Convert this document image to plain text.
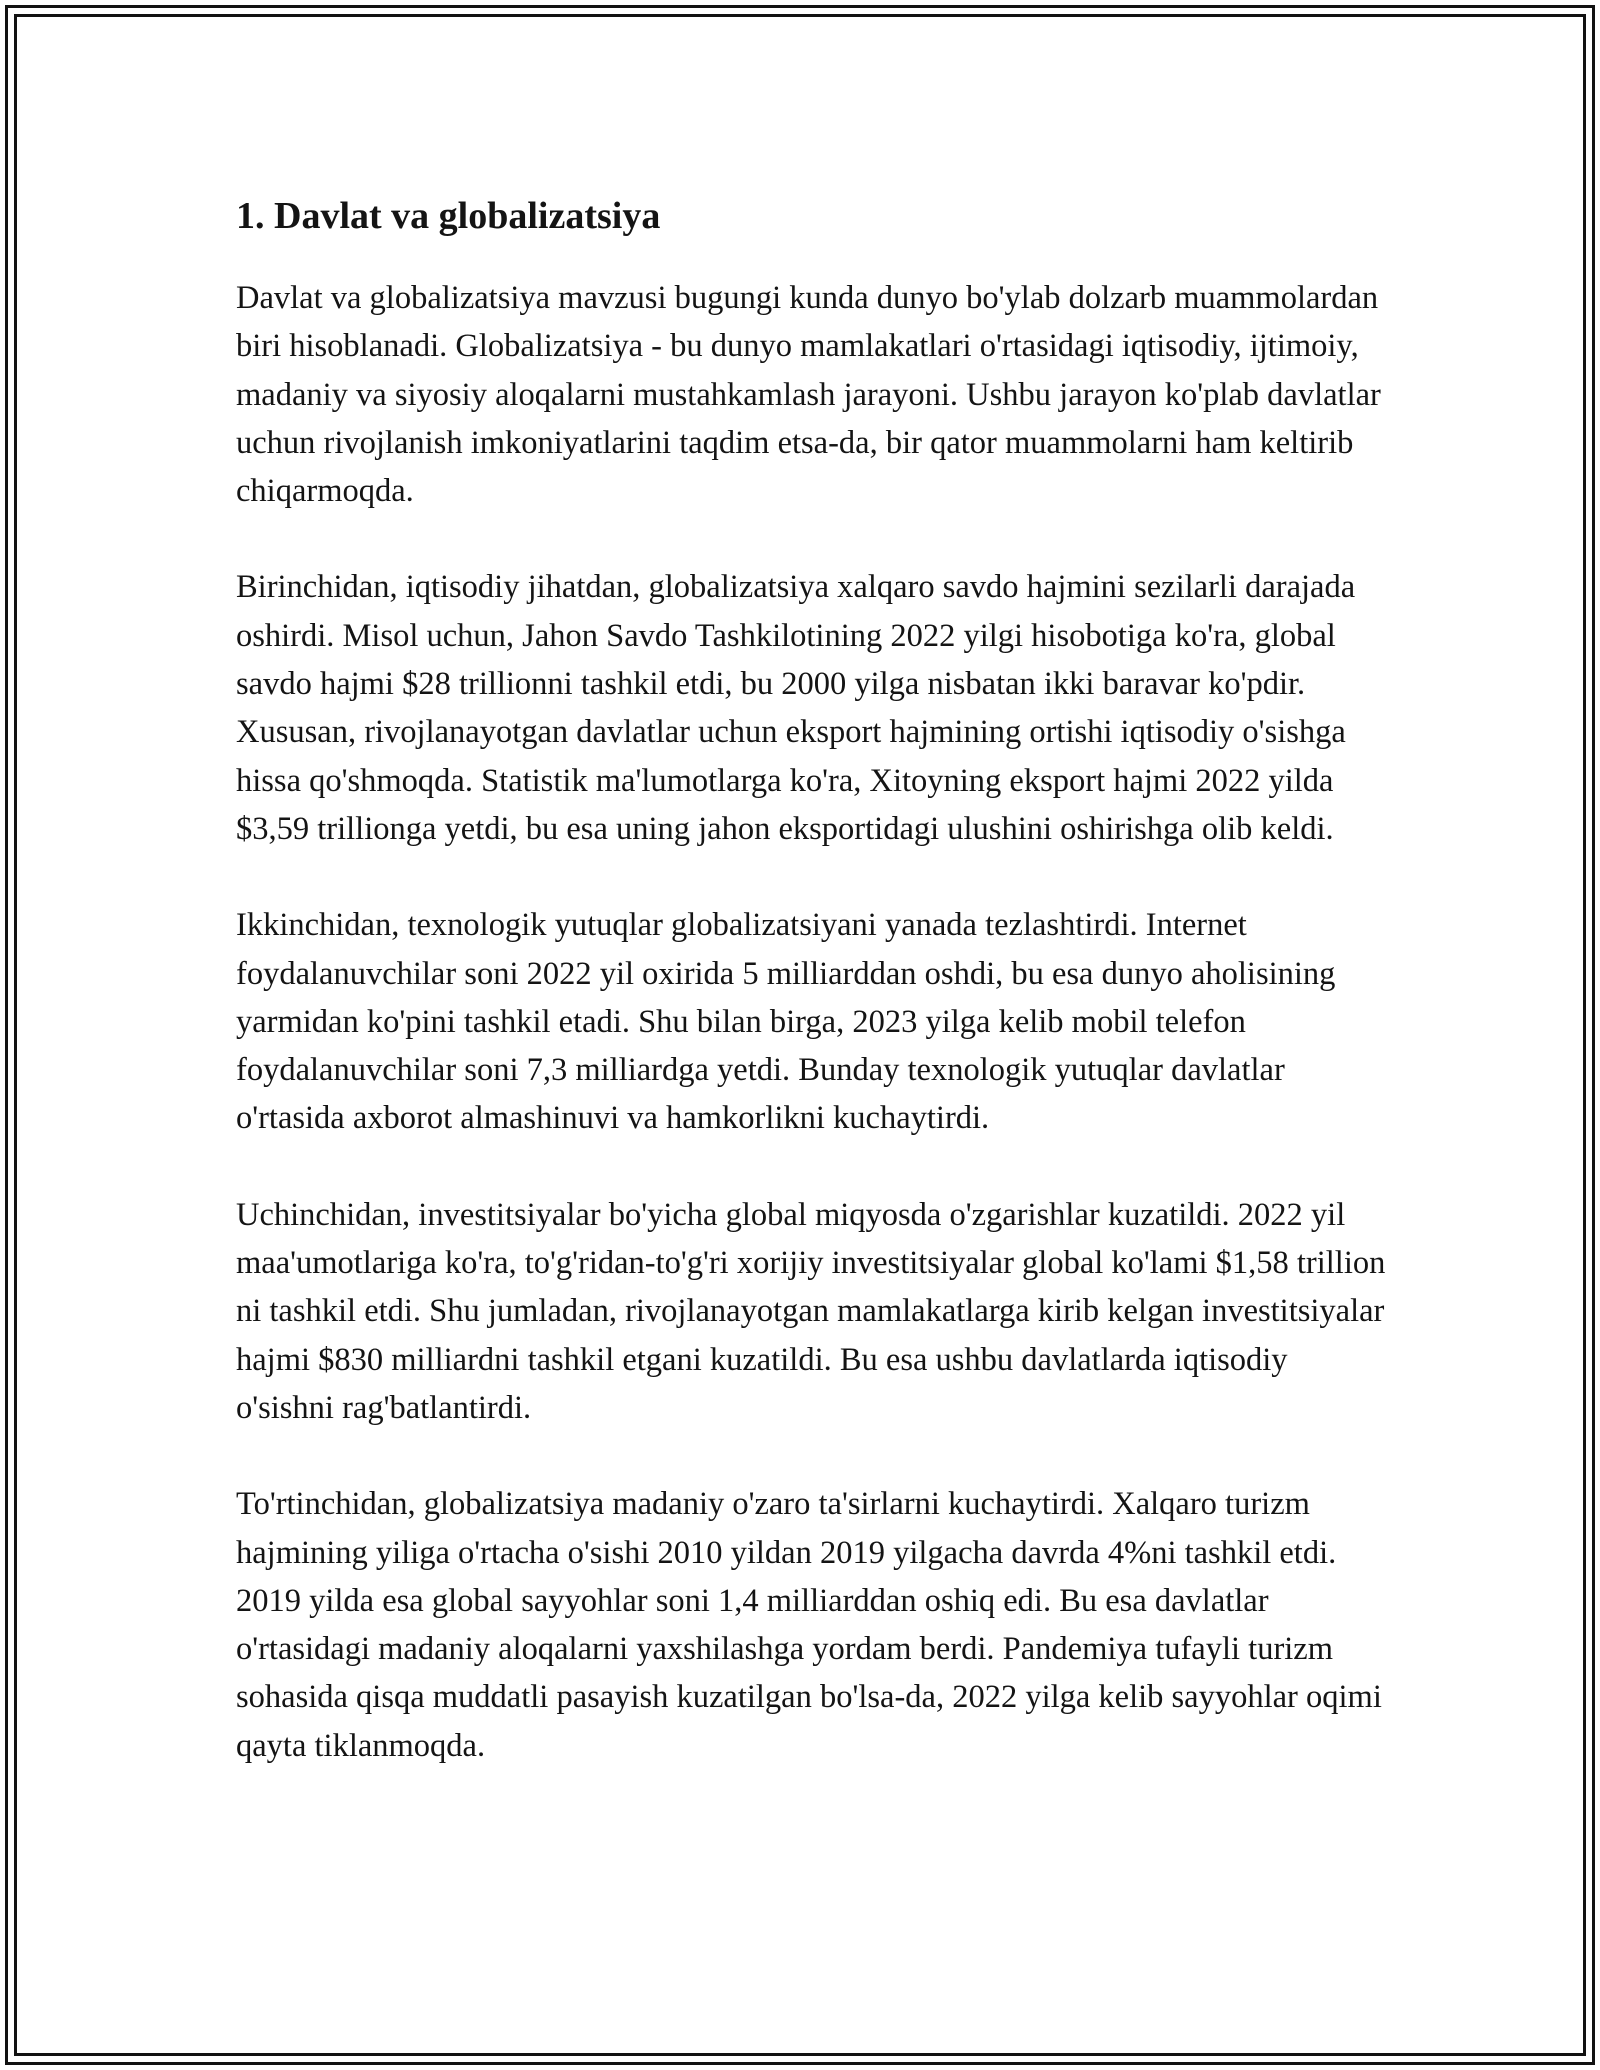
1. Davlat va globalizatsiya

Davlat va globalizatsiya mavzusi bugungi kunda dunyo bo'ylab dolzarb muammolardan biri hisoblanadi. Globalizatsiya - bu dunyo mamlakatlari o'rtasidagi iqtisodiy, ijtimoiy, madaniy va siyosiy aloqalarni mustahkamlash jarayoni. Ushbu jarayon ko'plab davlatlar uchun rivojlanish imkoniyatlarini taqdim etsa-da, bir qator muammolarni ham keltirib chiqarmoqda.

Birinchidan, iqtisodiy jihatdan, globalizatsiya xalqaro savdo hajmini sezilarli darajada oshirdi. Misol uchun, Jahon Savdo Tashkilotining 2022 yilgi hisobotiga ko'ra, global savdo hajmi $28 trillionni tashkil etdi, bu 2000 yilga nisbatan ikki baravar ko'pdir. Xususan, rivojlanayotgan davlatlar uchun eksport hajmining ortishi iqtisodiy o'sishga hissa qo'shmoqda. Statistik ma'lumotlarga ko'ra, Xitoyning eksport hajmi 2022 yilda $3,59 trillionga yetdi, bu esa uning jahon eksportidagi ulushini oshirishga olib keldi.

Ikkinchidan, texnologik yutuqlar globalizatsiyani yanada tezlashtirdi. Internet foydalanuvchilar soni 2022 yil oxirida 5 milliarddan oshdi, bu esa dunyo aholisining yarmidan ko'pini tashkil etadi. Shu bilan birga, 2023 yilga kelib mobil telefon foydalanuvchilar soni 7,3 milliardga yetdi. Bunday texnologik yutuqlar davlatlar o'rtasida axborot almashinuvi va hamkorlikni kuchaytirdi.

Uchinchidan, investitsiyalar bo'yicha global miqyosda o'zgarishlar kuzatildi. 2022 yil maa'umotlariga ko'ra, to'g'ridan-to'g'ri xorijiy investitsiyalar global ko'lami $1,58 trillion ni tashkil etdi. Shu jumladan, rivojlanayotgan mamlakatlarga kirib kelgan investitsiyalar hajmi $830 milliardni tashkil etgani kuzatildi. Bu esa ushbu davlatlarda iqtisodiy o'sishni rag'batlantirdi.

To'rtinchidan, globalizatsiya madaniy o'zaro ta'sirlarni kuchaytirdi. Xalqaro turizm hajmining yiliga o'rtacha o'sishi 2010 yildan 2019 yilgacha davrda 4%ni tashkil etdi. 2019 yilda esa global sayyohlar soni 1,4 milliarddan oshiq edi. Bu esa davlatlar o'rtasidagi madaniy aloqalarni yaxshilashga yordam berdi. Pandemiya tufayli turizm sohasida qisqa muddatli pasayish kuzatilgan bo'lsa-da, 2022 yilga kelib sayyohlar oqimi qayta tiklanmoqda.
